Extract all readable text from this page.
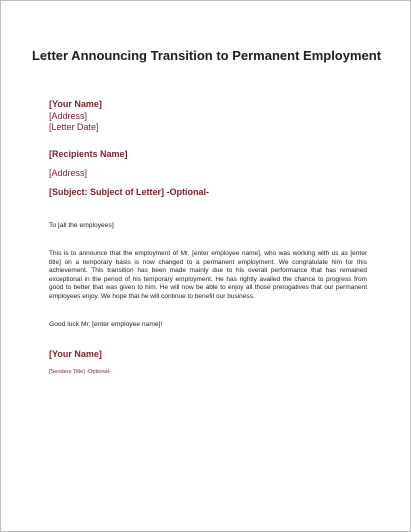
Letter Announcing Transition to Permanent Employment
[Your Name]
[Address]
[Letter Date]
[Recipients Name]
[Address]
[Subject: Subject of Letter] -Optional-
To [all the employees]
This is to announce that the employment of Mr. [enter employee name], who was working with us as [enter title] on a temporary basis is now changed to a permanent employment. We congratulate him for this achievement. This transition has been made mainly due to his overall performance that has remained exceptional in the period of his temporary employment. He has rightly availed the chance to progress from good to better that was given to him. He will now be able to enjoy all those prerogatives that our permanent employees enjoy. We hope that he will continue to benefit our business.
Good luck Mr. [enter employee name]!
[Your Name]
[Senders Title] -Optional-
